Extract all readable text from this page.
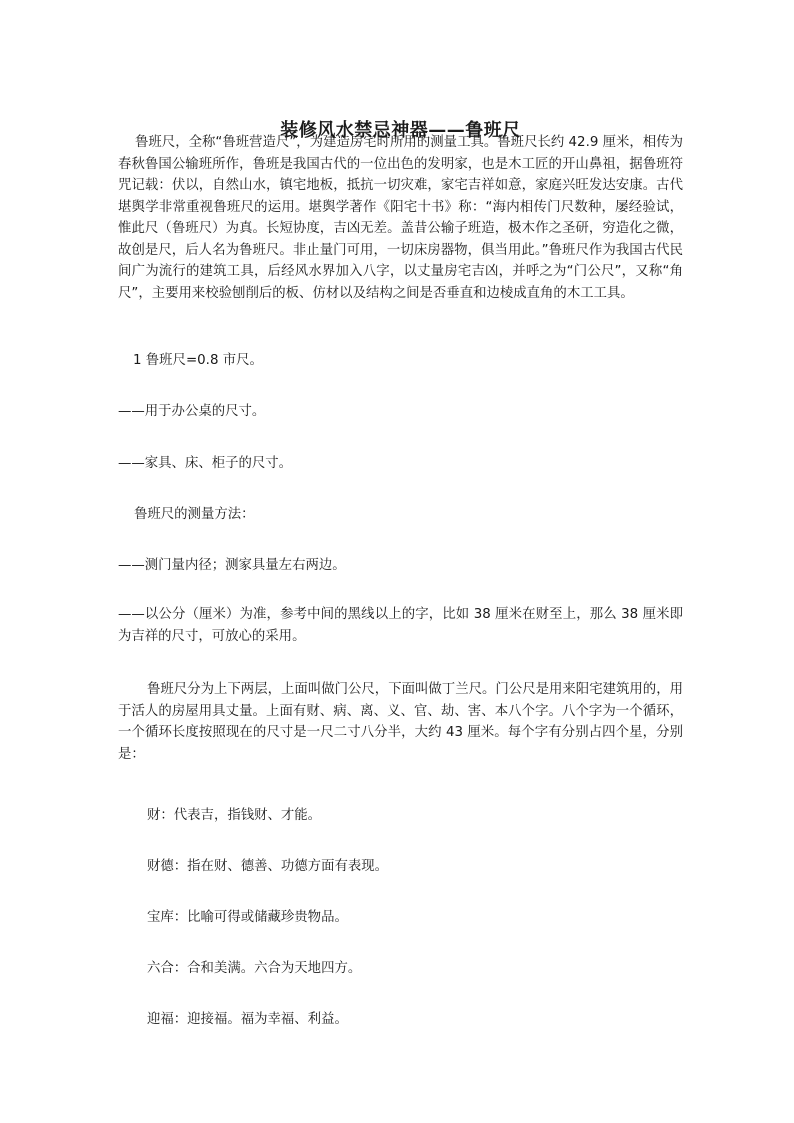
装修风水禁忌神器——鲁班尺

鲁班尺，全称“鲁班营造尺”，为建造房宅时所用的测量工具。鲁班尺长约 42.9 厘米，相传为春秋鲁国公输班所作，鲁班是我国古代的一位出色的发明家，也是木工匠的开山鼻祖，据鲁班符咒记载：伏以，自然山水，镇宅地板，抵抗一切灾难，家宅吉祥如意，家庭兴旺发达安康。古代堪舆学非常重视鲁班尺的运用。堪舆学著作《阳宅十书》称：“海内相传门尺数种，屡经验试，惟此尺（鲁班尺）为真。长短协度，吉凶无差。盖昔公输子班造，极木作之圣研，穷造化之微，故创是尺，后人名为鲁班尺。非止量门可用，一切床房器物，俱当用此。”鲁班尺作为我国古代民间广为流行的建筑工具，后经风水界加入八字，以丈量房宅吉凶，并呼之为“门公尺”，又称“角尺”，主要用来校验刨削后的板、仿材以及结构之间是否垂直和边棱成直角的木工工具。

1 鲁班尺=0.8 市尺。

——用于办公桌的尺寸。

——家具、床、柜子的尺寸。

鲁班尺的测量方法：

——测门量内径；测家具量左右两边。

——以公分（厘米）为准，参考中间的黑线以上的字，比如 38 厘米在财至上，那么 38 厘米即为吉祥的尺寸，可放心的采用。

鲁班尺分为上下两层，上面叫做门公尺，下面叫做丁兰尺。门公尺是用来阳宅建筑用的，用于活人的房屋用具丈量。上面有财、病、离、义、官、劫、害、本八个字。八个字为一个循环，一个循环长度按照现在的尺寸是一尺二寸八分半，大约 43 厘米。每个字有分别占四个星，分别是：

财：代表吉，指钱财、才能。

财德：指在财、德善、功德方面有表现。

宝库：比喻可得或储藏珍贵物品。

六合：合和美满。六合为天地四方。

迎福：迎接福。福为幸福、利益。
